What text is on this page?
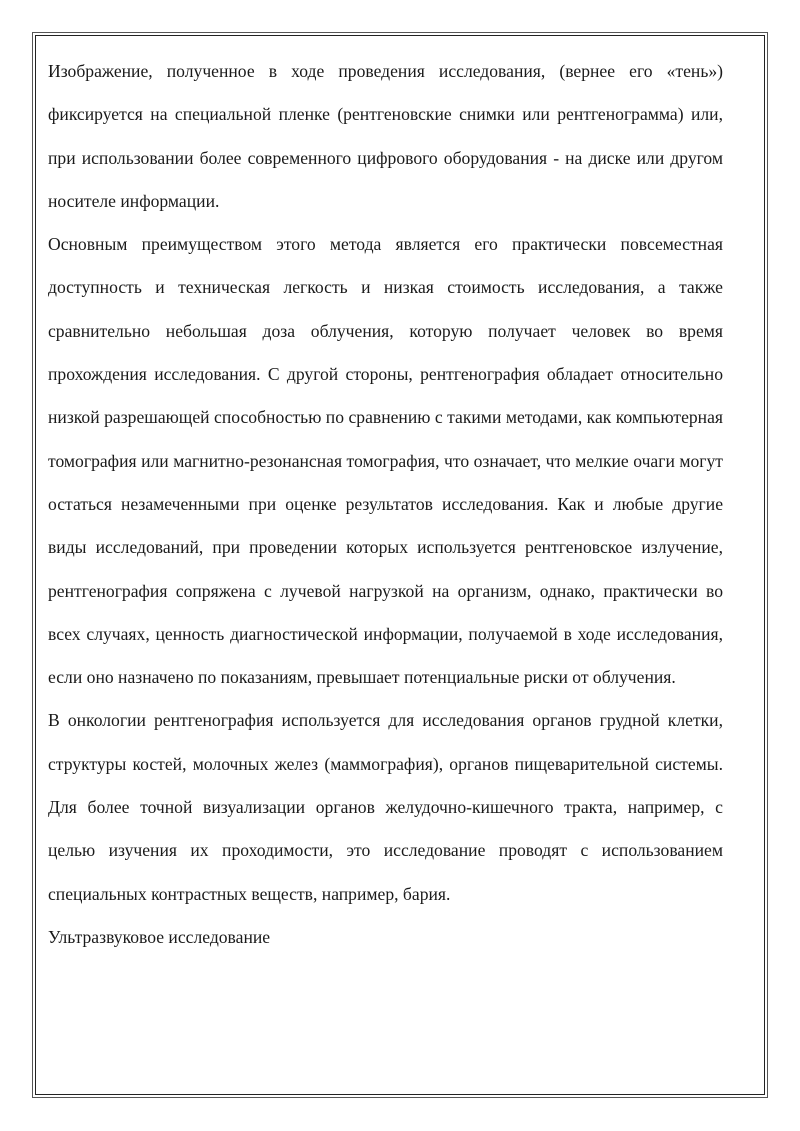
Изображение, полученное в ходе проведения исследования, (вернее его «тень») фиксируется на специальной пленке (рентгеновские снимки или рентгенограмма) или, при использовании более современного цифрового оборудования - на диске или другом носителе информации.

Основным преимуществом этого метода является его практически повсеместная доступность и техническая легкость и низкая стоимость исследования, а также сравнительно небольшая доза облучения, которую получает человек во время прохождения исследования. С другой стороны, рентгенография обладает относительно низкой разрешающей способностью по сравнению с такими методами, как компьютерная томография или магнитно-резонансная томография, что означает, что мелкие очаги могут остаться незамеченными при оценке результатов исследования. Как и любые другие виды исследований, при проведении которых используется рентгеновское излучение, рентгенография сопряжена с лучевой нагрузкой на организм, однако, практически во всех случаях, ценность диагностической информации, получаемой в ходе исследования, если оно назначено по показаниям, превышает потенциальные риски от облучения.

В онкологии рентгенография используется для исследования органов грудной клетки, структуры костей, молочных желез (маммография), органов пищеварительной системы. Для более точной визуализации органов желудочно-кишечного тракта, например, с целью изучения их проходимости, это исследование проводят с использованием специальных контрастных веществ, например, бария.

Ультразвуковое исследование
